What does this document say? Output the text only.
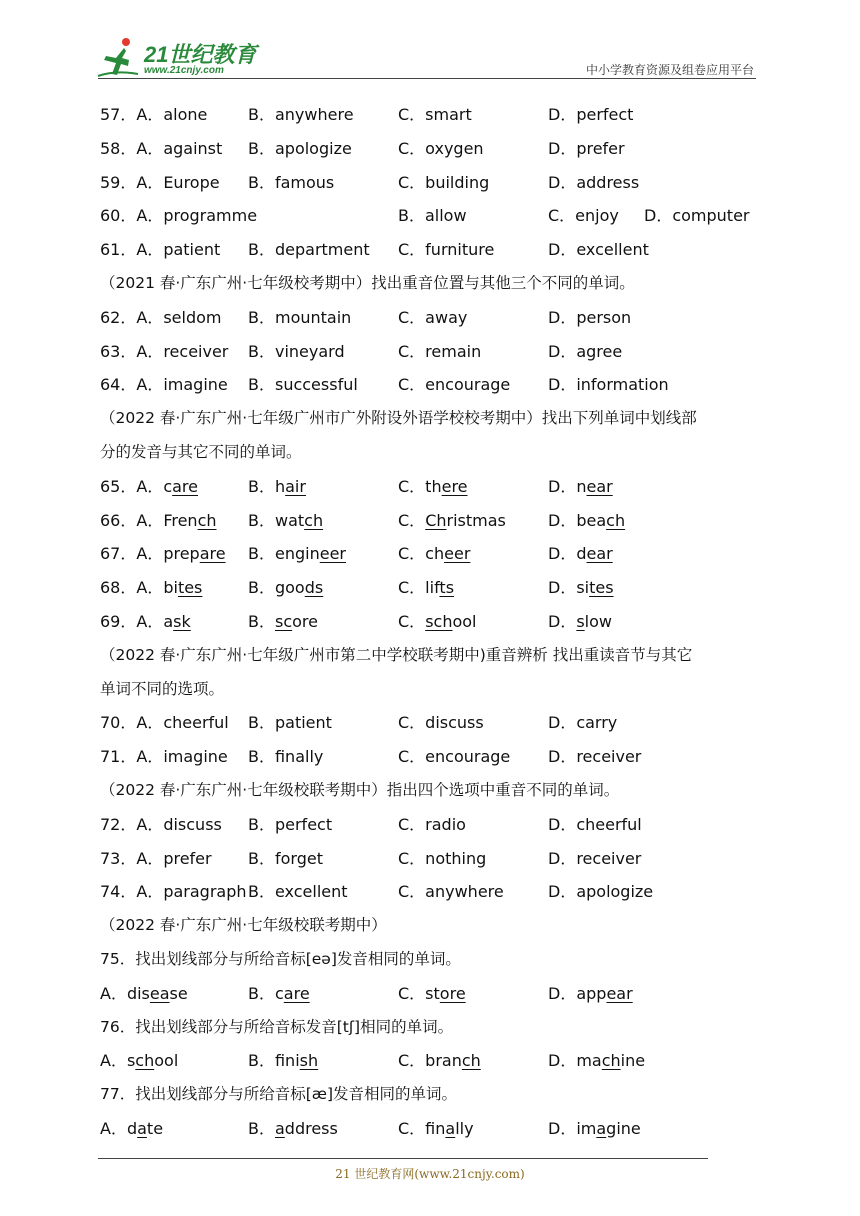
21世纪教育
www.21cnjy.com	中小学教育资源及组卷应用平台
57．A．alone	B．anywhere	C．smart	D．perfect
58．A．against B．apologize	C．oxygen	D．prefer
59．A．Europe B．famous	C．building	D．address
60．A．programme	B．allow	C．enjoy D．computer
61．A．patient B．department C．furniture	D．excellent
（2021 春·广东广州·七年级校考期中）找出重音位置与其他三个不同的单词。
62．A．seldom B．mountain	C．away	D．person
63．A．receiver B．vineyard	C．remain	D．agree
64．A．imagine B．successful	C．encourage D．information
（2022 春·广东广州·七年级广州市广外附设外语学校校考期中）找出下列单词中划线部
分的发音与其它不同的单词。
65．A．care	B．hair	C．there	D．near
66．A．French B．watch	C．Christmas	D．beach
67．A．prepare B．engineer	C．cheer	D．dear
68．A．bites	B．goods	C．lifts	D．sites
69．A．ask	B．score	C．school	D．slow
（2022 春·广东广州·七年级广州市第二中学校联考期中)重音辨析 找出重读音节与其它
单词不同的选项。
70．A．cheerful B．patient	C．discuss	D．carry
71．A．imagine B．finally	C．encourage D．receiver
（2022 春·广东广州·七年级校联考期中）指出四个选项中重音不同的单词。
72．A．discuss B．perfect	C．radio	D．cheerful
73．A．prefer B．forget	C．nothing	D．receiver
74．A．paragraph B．excellent	C．anywhere	D．apologize
（2022 春·广东广州·七年级校联考期中）
75．找出划线部分与所给音标[eə]发音相同的单词。
A．disease	B．care	C．store	D．appear
76．找出划线部分与所给音标发音[tʃ]相同的单词。
A．school	B．finish	C．branch	D．machine
77．找出划线部分与所给音标[æ]发音相同的单词。
A．date	B．address	C．finally	D．imagine
21 世纪教育网(www.21cnjy.com)
